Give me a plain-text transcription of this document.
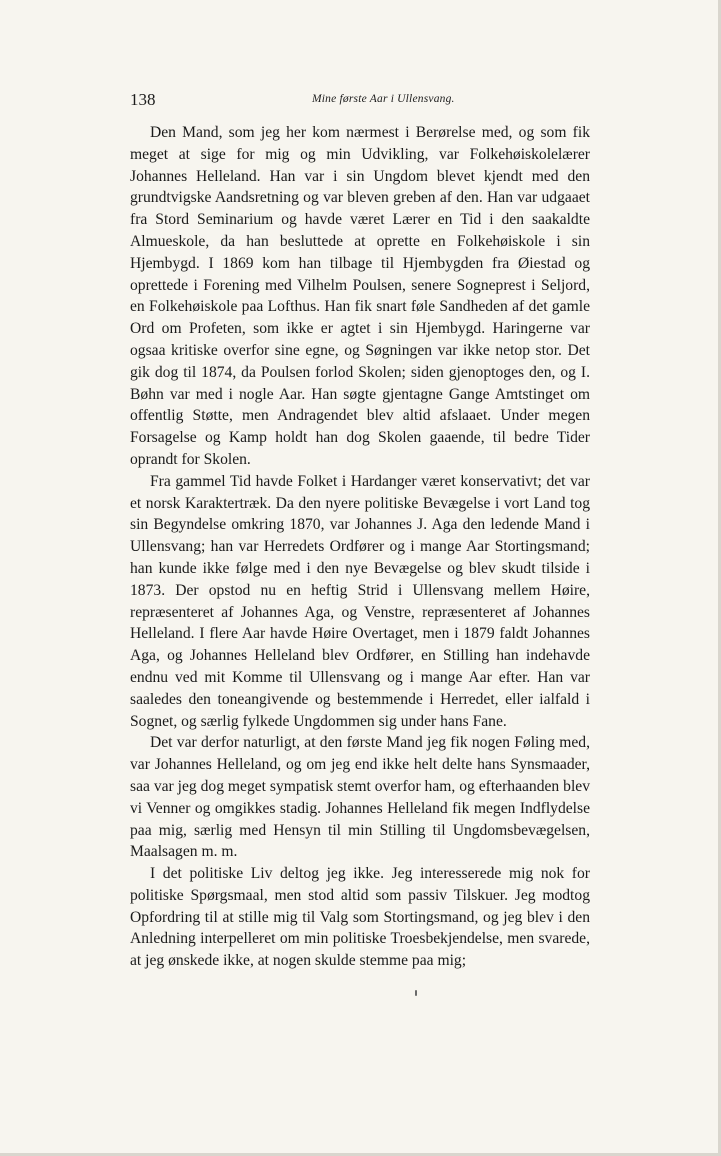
138	Mine første Aar i Ullensvang.

Den Mand, som jeg her kom nærmest i Berørelse med, og som fik meget at sige for mig og min Udvikling, var Folkehøiskolelærer Johannes Helleland. Han var i sin Ungdom blevet kjendt med den grundtvigske Aandsretning og var bleven greben af den. Han var udgaaet fra Stord Seminarium og havde været Lærer en Tid i den saakaldte Almueskole, da han besluttede at oprette en Folkehøiskole i sin Hjembygd. I 1869 kom han tilbage til Hjembygden fra Øiestad og oprettede i Forening med Vilhelm Poulsen, senere Sogneprest i Seljord, en Folkehøiskole paa Lofthus. Han fik snart føle Sandheden af det gamle Ord om Profeten, som ikke er agtet i sin Hjembygd. Haringerne var ogsaa kritiske overfor sine egne, og Søgningen var ikke netop stor. Det gik dog til 1874, da Poulsen forlod Skolen; siden gjenoptoges den, og I. Bøhn var med i nogle Aar. Han søgte gjentagne Gange Amtstinget om offentlig Støtte, men Andragendet blev altid afslaaet. Under megen Forsagelse og Kamp holdt han dog Skolen gaaende, til bedre Tider oprandt for Skolen.

Fra gammel Tid havde Folket i Hardanger været konservativt; det var et norsk Karaktertræk. Da den nyere politiske Bevægelse i vort Land tog sin Begyndelse omkring 1870, var Johannes J. Aga den ledende Mand i Ullensvang; han var Herredets Ordfører og i mange Aar Stortingsmand; han kunde ikke følge med i den nye Bevægelse og blev skudt tilside i 1873. Der opstod nu en heftig Strid i Ullensvang mellem Høire, repræsenteret af Johannes Aga, og Venstre, repræsenteret af Johannes Helleland. I flere Aar havde Høire Overtaget, men i 1879 faldt Johannes Aga, og Johannes Helleland blev Ordfører, en Stilling han indehavde endnu ved mit Komme til Ullensvang og i mange Aar efter. Han var saaledes den toneangivende og bestemmende i Herredet, eller ialfald i Sognet, og særlig fylkede Ungdommen sig under hans Fane.

Det var derfor naturligt, at den første Mand jeg fik nogen Føling med, var Johannes Helleland, og om jeg end ikke helt delte hans Synsmaader, saa var jeg dog meget sympatisk stemt overfor ham, og efterhaanden blev vi Venner og omgikkes stadig. Johannes Helleland fik megen Indflydelse paa mig, særlig med Hensyn til min Stilling til Ungdomsbevægelsen, Maalsagen m. m.

I det politiske Liv deltog jeg ikke. Jeg interesserede mig nok for politiske Spørgsmaal, men stod altid som passiv Tilskuer. Jeg modtog Opfordring til at stille mig til Valg som Stortingsmand, og jeg blev i den Anledning interpelleret om min politiske Troesbekjendelse, men svarede, at jeg ønskede ikke, at nogen skulde stemme paa mig;
